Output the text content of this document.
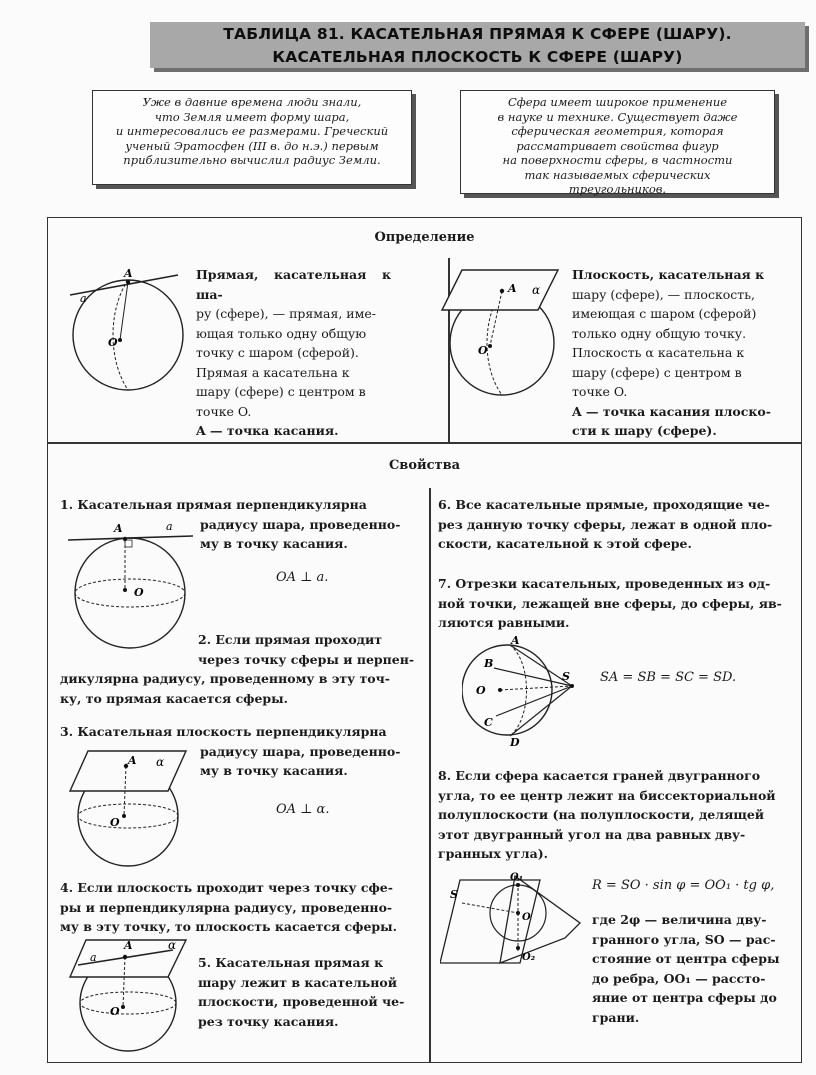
ТАБЛИЦА 81. КАСАТЕЛЬНАЯ ПРЯМАЯ К СФЕРЕ (ШАРУ).
КАСАТЕЛЬНАЯ ПЛОСКОСТЬ К СФЕРЕ (ШАРУ)
Уже в давние времена люди знали,
что Земля имеет форму шара,
и интересовались ее размерами. Греческий
ученый Эратосфен (III в. до н.э.) первым
приблизительно вычислил радиус Земли.
Сфера имеет широкое применение
в науке и технике. Существует даже
сферическая геометрия, которая
рассматривает свойства фигур
на поверхности сферы, в частности
так называемых сферических
треугольников.
Определение
A
a
O
Прямая, касательная к ша-
ру (сфере), — прямая, име-
ющая только одну общую
точку с шаром (сферой).
Прямая a касательна к
шару (сфере) с центром в
точке O.
A — точка касания.
A α
O
Плоскость, касательная к
шару (сфере), — плоскость,
имеющая с шаром (сферой)
только одну общую точку.
Плоскость α касательна к
шару (сфере) с центром в
точке O.
A — точка касания плоско-
сти к шару (сфере).
Свойства
1. Касательная прямая перпендикулярна
радиусу шара, проведенно-
му в точку касания.
A	a
O
OA ⊥ a.
2. Если прямая проходит
через точку сферы и перпен-
дикулярна радиусу, проведенному в эту точ-
ку, то прямая касается сферы.
3. Касательная плоскость перпендикулярна
радиусу шара, проведенно-
му в точку касания.
A α
O
OA ⊥ α.
4. Если плоскость проходит через точку сфе-
ры и перпендикулярна радиусу, проведенно-
му в эту точку, то плоскость касается сферы.
A
a
α
O
5. Касательная прямая к
шару лежит в касательной
плоскости, проведенной че-
рез точку касания.
6. Все касательные прямые, проходящие че-
рез данную точку сферы, лежат в одной пло-
скости, касательной к этой сфере.
7. Отрезки касательных, проведенных из од-
ной точки, лежащей вне сферы, до сферы, яв-
ляются равными.
A
B
C
D
O
S SA = SB = SC = SD.
8. Если сфера касается граней двугранного
угла, то ее центр лежит на биссекториальной
полуплоскости (на полуплоскости, делящей
этот двугранный угол на два равных дву-
гранных угла).
O₁
O
O₂
S
R = SO · sin φ = OO₁ · tg φ,
где 2φ — величина дву-
гранного угла, SO — рас-
стояние от центра сферы
до ребра, OO₁ — рассто-
яние от центра сферы до
грани.
